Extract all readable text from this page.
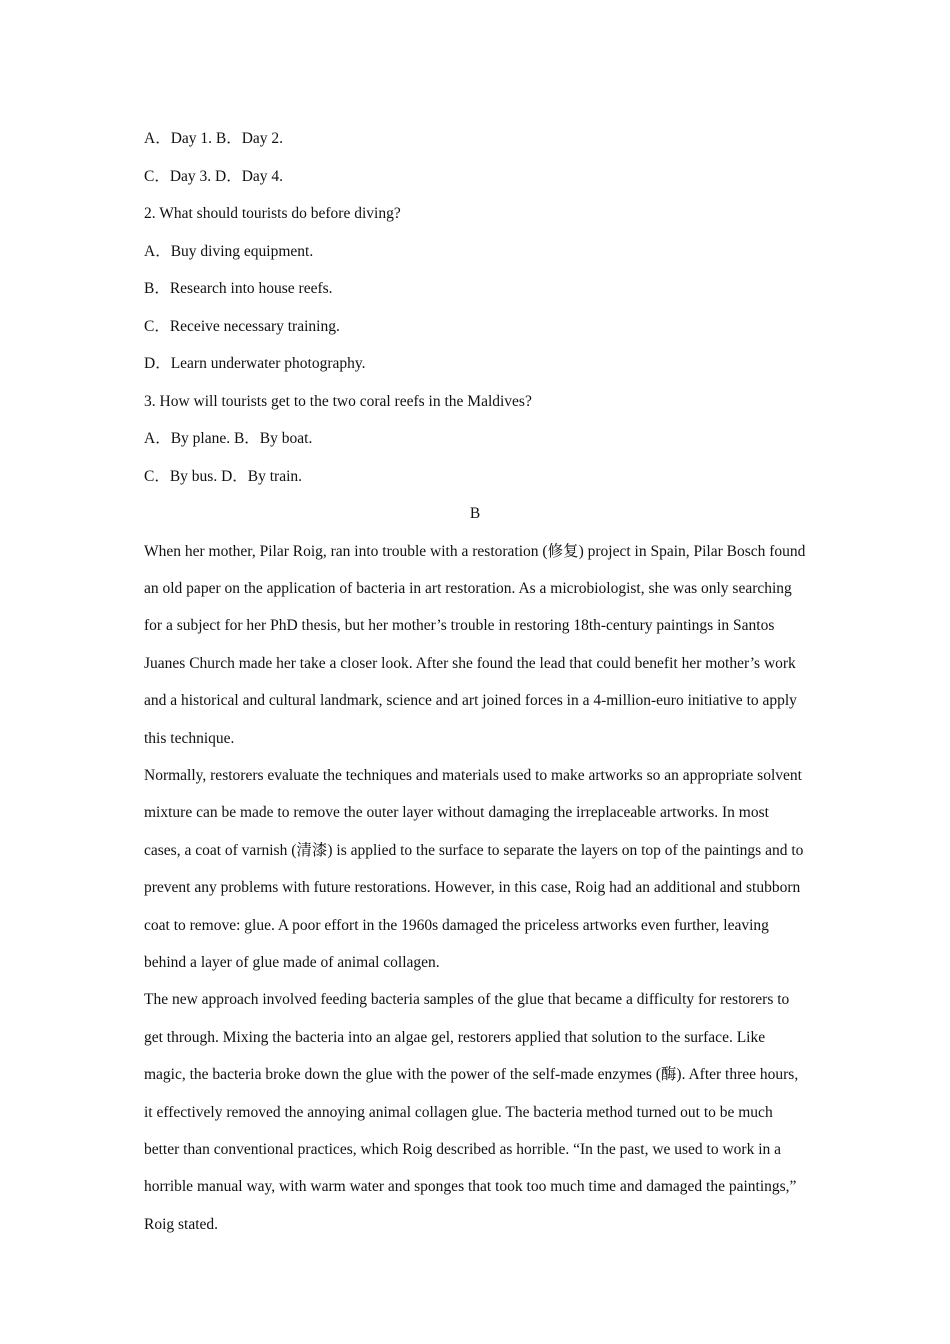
A．Day 1. B．Day 2.

C．Day 3. D．Day 4.

2. What should tourists do before diving?

A．Buy diving equipment.

B．Research into house reefs.

C．Receive necessary training.

D．Learn underwater photography.

3. How will tourists get to the two coral reefs in the Maldives?

A．By plane. B．By boat.

C．By bus. D．By train.

B

When her mother, Pilar Roig, ran into trouble with a restoration (修复) project in Spain, Pilar Bosch found an old paper on the application of bacteria in art restoration. As a microbiologist, she was only searching for a subject for her PhD thesis, but her mother’s trouble in restoring 18th-century paintings in Santos Juanes Church made her take a closer look. After she found the lead that could benefit her mother’s work and a historical and cultural landmark, science and art joined forces in a 4-million-euro initiative to apply this technique.

Normally, restorers evaluate the techniques and materials used to make artworks so an appropriate solvent mixture can be made to remove the outer layer without damaging the irreplaceable artworks. In most cases, a coat of varnish (清漆) is applied to the surface to separate the layers on top of the paintings and to prevent any problems with future restorations. However, in this case, Roig had an additional and stubborn coat to remove: glue. A poor effort in the 1960s damaged the priceless artworks even further, leaving behind a layer of glue made of animal collagen.

The new approach involved feeding bacteria samples of the glue that became a difficulty for restorers to get through. Mixing the bacteria into an algae gel, restorers applied that solution to the surface. Like magic, the bacteria broke down the glue with the power of the self-made enzymes (酶). After three hours, it effectively removed the annoying animal collagen glue. The bacteria method turned out to be much better than conventional practices, which Roig described as horrible. “In the past, we used to work in a horrible manual way, with warm water and sponges that took too much time and damaged the paintings,” Roig stated.
